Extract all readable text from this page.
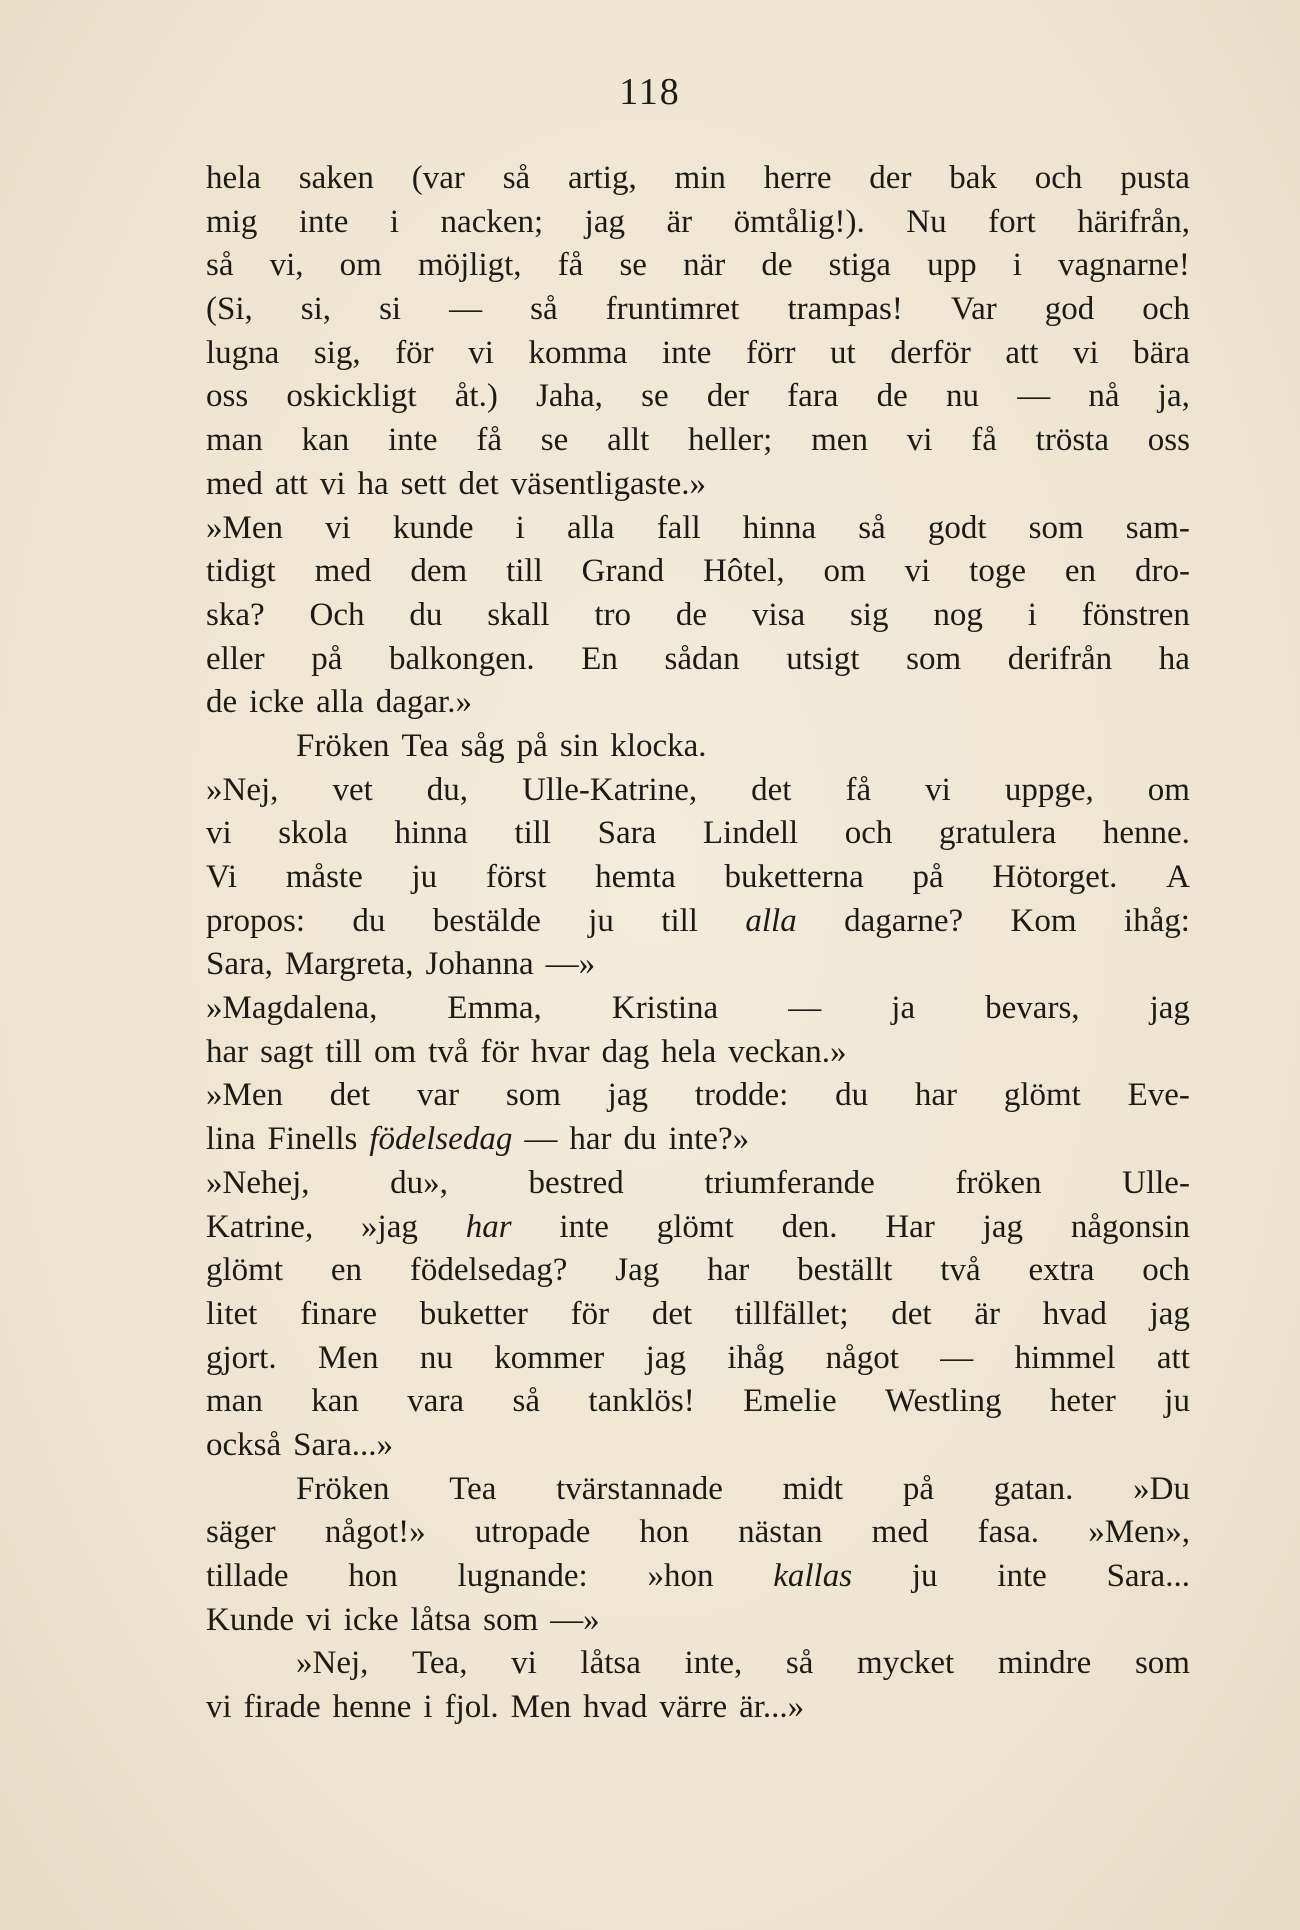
118
hela saken (var så artig, min herre der bak och pusta
mig inte i nacken; jag är ömtålig!). Nu fort härifrån,
så vi, om möjligt, få se när de stiga upp i vagnarne!
(Si, si, si — så fruntimret trampas! Var god och
lugna sig, för vi komma inte förr ut derför att vi bära
oss oskickligt åt.) Jaha, se der fara de nu — nå ja,
man kan inte få se allt heller; men vi få trösta oss
med att vi ha sett det väsentligaste.»
»Men vi kunde i alla fall hinna så godt som sam-
tidigt med dem till Grand Hôtel, om vi toge en dro-
ska? Och du skall tro de visa sig nog i fönstren
eller på balkongen. En sådan utsigt som derifrån ha
de icke alla dagar.»
Fröken Tea såg på sin klocka.
»Nej, vet du, Ulle-Katrine, det få vi uppge, om
vi skola hinna till Sara Lindell och gratulera henne.
Vi måste ju först hemta buketterna på Hötorget. A
propos: du bestälde ju till alla dagarne? Kom ihåg:
Sara, Margreta, Johanna —»
»Magdalena, Emma, Kristina — ja bevars, jag
har sagt till om två för hvar dag hela veckan.»
»Men det var som jag trodde: du har glömt Eve-
lina Finells födelsedag — har du inte?»
»Nehej, du», bestred triumferande fröken Ulle-
Katrine, »jag har inte glömt den. Har jag någonsin
glömt en födelsedag? Jag har beställt två extra och
litet finare buketter för det tillfället; det är hvad jag
gjort. Men nu kommer jag ihåg något — himmel att
man kan vara så tanklös! Emelie Westling heter ju
också Sara...»
Fröken Tea tvärstannade midt på gatan. »Du
säger något!» utropade hon nästan med fasa. »Men»,
tillade hon lugnande: »hon kallas ju inte Sara...
Kunde vi icke låtsa som —»
»Nej, Tea, vi låtsa inte, så mycket mindre som
vi firade henne i fjol. Men hvad värre är...»
